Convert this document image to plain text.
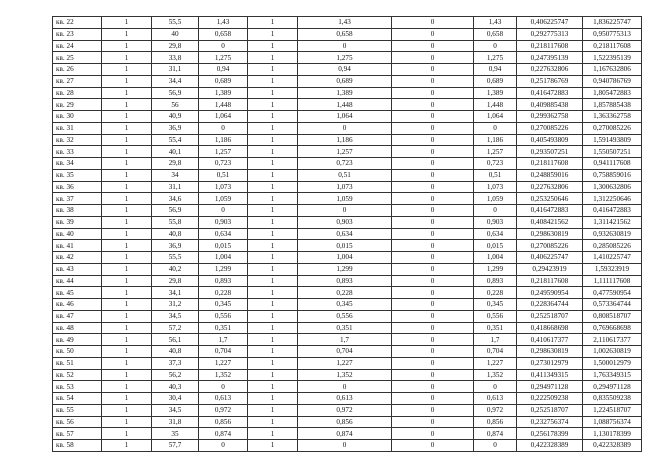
кв. 22	1	55,5	1,43	1	1,43	0	1,43	0,406225747	1,836225747
кв. 23	1	40	0,658	1	0,658	0	0,658	0,292775313	0,950775313
кв. 24	1	29,8	0	1	0	0	0	0,218117608	0,218117608
кв. 25	1	33,8	1,275	1	1,275	0	1,275	0,247395139	1,522395139
кв. 26	1	31,1	0,94	1	0,94	0	0,94	0,227632806	1,167632806
кв. 27	1	34,4	0,689	1	0,689	0	0,689	0,251786769	0,940786769
кв. 28	1	56,9	1,389	1	1,389	0	1,389	0,416472883	1,805472883
кв. 29	1	56	1,448	1	1,448	0	1,448	0,409885438	1,857885438
кв. 30	1	40,9	1,064	1	1,064	0	1,064	0,299362758	1,363362758
кв. 31	1	36,9	0	1	0	0	0	0,270085226	0,270085226
кв. 32	1	55,4	1,186	1	1,186	0	1,186	0,405493809	1,591493809
кв. 33	1	40,1	1,257	1	1,257	0	1,257	0,293507251	1,550507251
кв. 34	1	29,8	0,723	1	0,723	0	0,723	0,218117608	0,941117608
кв. 35	1	34	0,51	1	0,51	0	0,51	0,248859016	0,758859016
кв. 36	1	31,1	1,073	1	1,073	0	1,073	0,227632806	1,300632806
кв. 37	1	34,6	1,059	1	1,059	0	1,059	0,253250646	1,312250646
кв. 38	1	56,9	0	1	0	0	0	0,416472883	0,416472883
кв. 39	1	55,8	0,903	1	0,903	0	0,903	0,408421562	1,311421562
кв. 40	1	40,8	0,634	1	0,634	0	0,634	0,298630819	0,932630819
кв. 41	1	36,9	0,015	1	0,015	0	0,015	0,270085226	0,285085226
кв. 42	1	55,5	1,004	1	1,004	0	1,004	0,406225747	1,410225747
кв. 43	1	40,2	1,299	1	1,299	0	1,299	0,29423919	1,59323919
кв. 44	1	29,8	0,893	1	0,893	0	0,893	0,218117608	1,111117608
кв. 45	1	34,1	0,228	1	0,228	0	0,228	0,249590954	0,477590954
кв. 46	1	31,2	0,345	1	0,345	0	0,345	0,228364744	0,573364744
кв. 47	1	34,5	0,556	1	0,556	0	0,556	0,252518707	0,808518707
кв. 48	1	57,2	0,351	1	0,351	0	0,351	0,418668698	0,769668698
кв. 49	1	56,1	1,7	1	1,7	0	1,7	0,410617377	2,110617377
кв. 50	1	40,8	0,704	1	0,704	0	0,704	0,298630819	1,002630819
кв. 51	1	37,3	1,227	1	1,227	0	1,227	0,273012979	1,500012979
кв. 52	1	56,2	1,352	1	1,352	0	1,352	0,411349315	1,763349315
кв. 53	1	40,3	0	1	0	0	0	0,294971128	0,294971128
кв. 54	1	30,4	0,613	1	0,613	0	0,613	0,222509238	0,835509238
кв. 55	1	34,5	0,972	1	0,972	0	0,972	0,252518707	1,224518707
кв. 56	1	31,8	0,856	1	0,856	0	0,856	0,232756374	1,088756374
кв. 57	1	35	0,874	1	0,874	0	0,874	0,256178399	1,130178399
кв. 58	1	57,7	0	1	0	0	0	0,422328389	0,422328389
